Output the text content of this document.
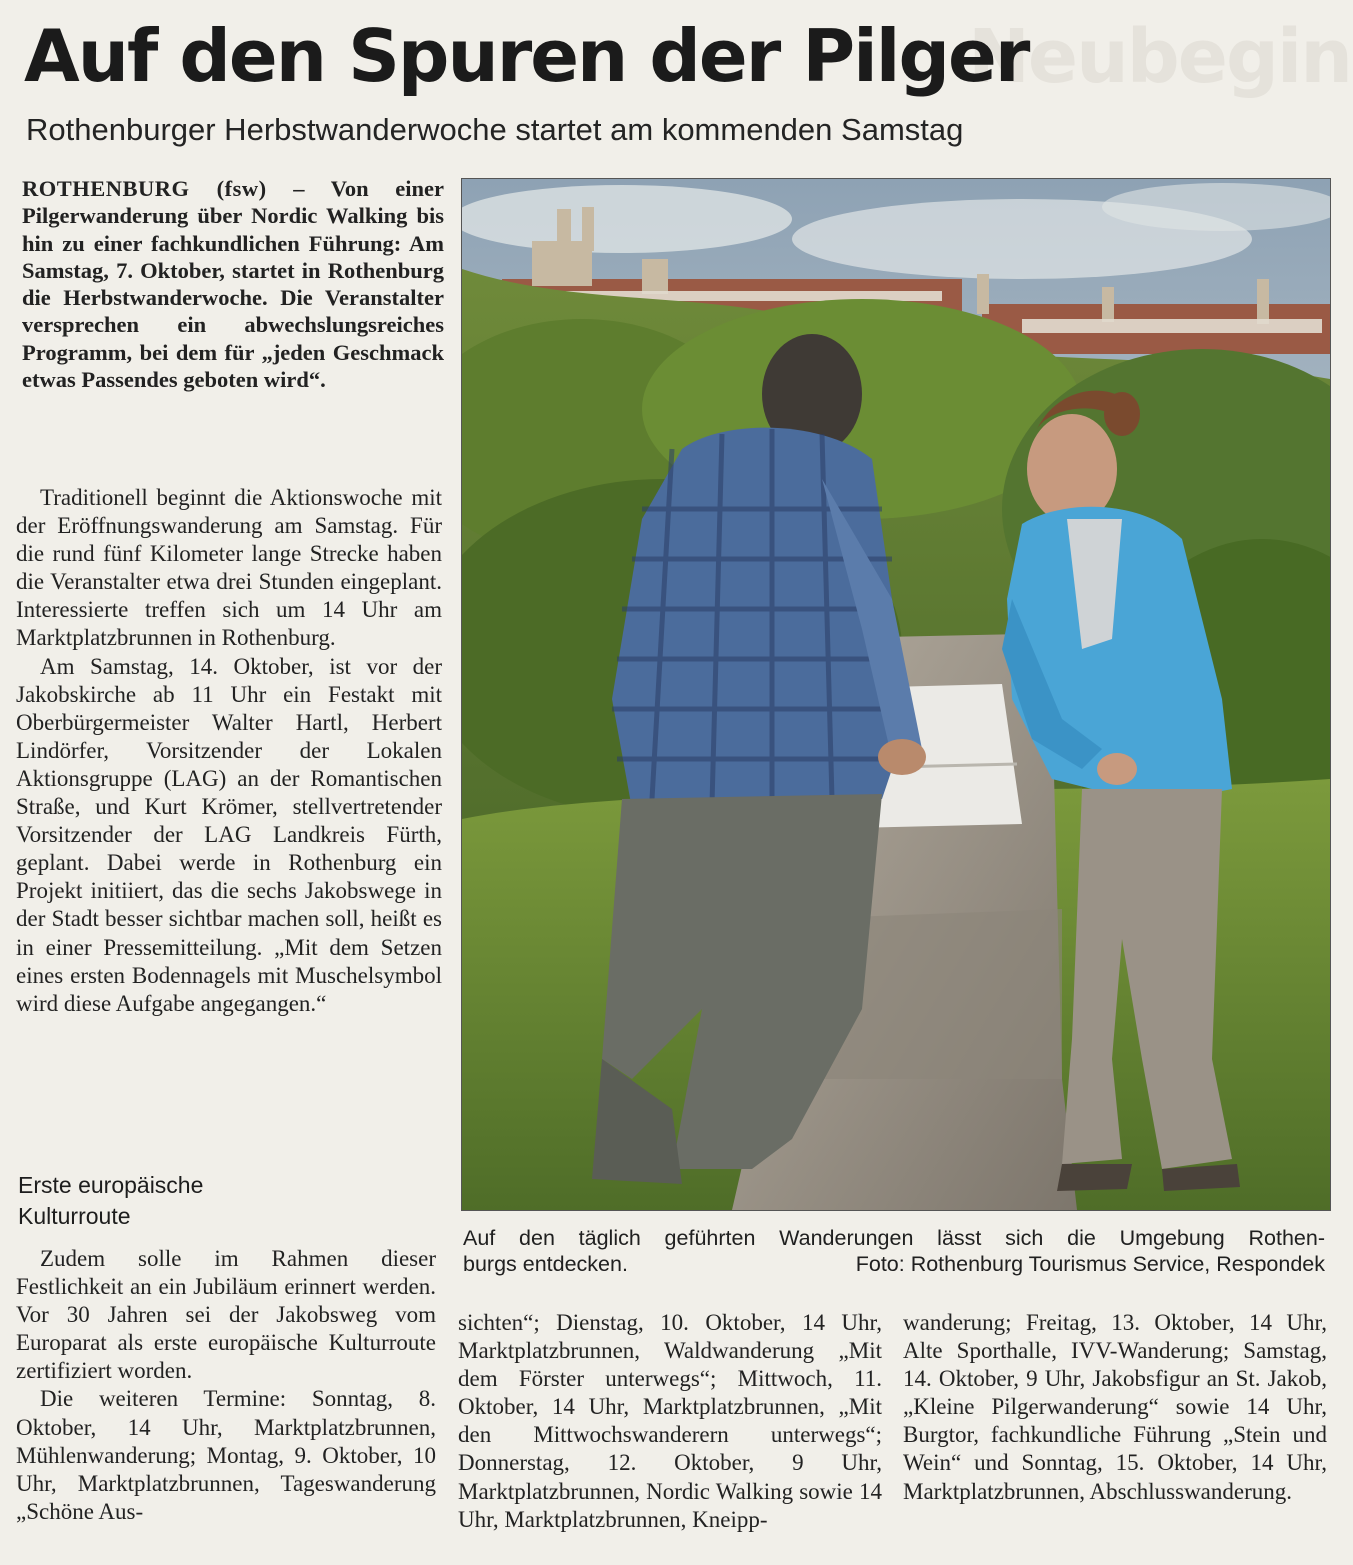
Neubegin
Auf den Spuren der Pilger
Rothenburger Herbstwanderwoche startet am kommenden Samstag
ROTHENBURG (fsw) – Von einer Pilgerwanderung über Nordic Walking bis hin zu einer fachkundlichen Führung: Am Samstag, 7. Oktober, startet in Rothenburg die Herbstwanderwoche. Die Veranstalter versprechen ein abwechslungsreiches Programm, bei dem für „jeden Geschmack etwas Passendes geboten wird“.

Traditionell beginnt die Aktionswoche mit der Eröffnungswanderung am Samstag. Für die rund fünf Kilometer lange Strecke haben die Veranstalter etwa drei Stunden eingeplant. Interessierte treffen sich um 14 Uhr am Marktplatzbrunnen in Rothenburg.

Am Samstag, 14. Oktober, ist vor der Jakobskirche ab 11 Uhr ein Festakt mit Oberbürgermeister Walter Hartl, Herbert Lindörfer, Vorsitzender der Lokalen Aktionsgruppe (LAG) an der Romantischen Straße, und Kurt Krömer, stellvertretender Vorsitzender der LAG Landkreis Fürth, geplant. Dabei werde in Rothenburg ein Projekt initiiert, das die sechs Jakobswege in der Stadt besser sichtbar machen soll, heißt es in einer Pressemitteilung. „Mit dem Setzen eines ersten Bodennagels mit Muschelsymbol wird diese Aufgabe angegangen.“

Erste europäische
Kulturroute

Zudem solle im Rahmen dieser Festlichkeit an ein Jubiläum erinnert werden. Vor 30 Jahren sei der Jakobsweg vom Europarat als erste europäische Kulturroute zertifiziert worden.

Die weiteren Termine: Sonntag, 8. Oktober, 14 Uhr, Marktplatzbrunnen, Mühlenwanderung; Montag, 9. Oktober, 10 Uhr, Marktplatzbrunnen, Tageswanderung „Schöne Aus-

sichten“; Dienstag, 10. Oktober, 14 Uhr, Marktplatzbrunnen, Waldwanderung „Mit dem Förster unterwegs“; Mittwoch, 11. Oktober, 14 Uhr, Marktplatzbrunnen, „Mit den Mittwochswanderern unterwegs“; Donnerstag, 12. Oktober, 9 Uhr, Marktplatzbrunnen, Nordic Walking sowie 14 Uhr, Marktplatzbrunnen, Kneipp-

wanderung; Freitag, 13. Oktober, 14 Uhr, Alte Sporthalle, IVV-Wanderung; Samstag, 14. Oktober, 9 Uhr, Jakobsfigur an St. Jakob, „Kleine Pilgerwanderung“ sowie 14 Uhr, Burgtor, fachkundliche Führung „Stein und Wein“ und Sonntag, 15. Oktober, 14 Uhr, Marktplatzbrunnen, Abschlusswanderung.

Auf den täglich geführten Wanderungen lässt sich die Umgebung Rothen-
burgs entdecken.	Foto: Rothenburg Tourismus Service, Respondek
